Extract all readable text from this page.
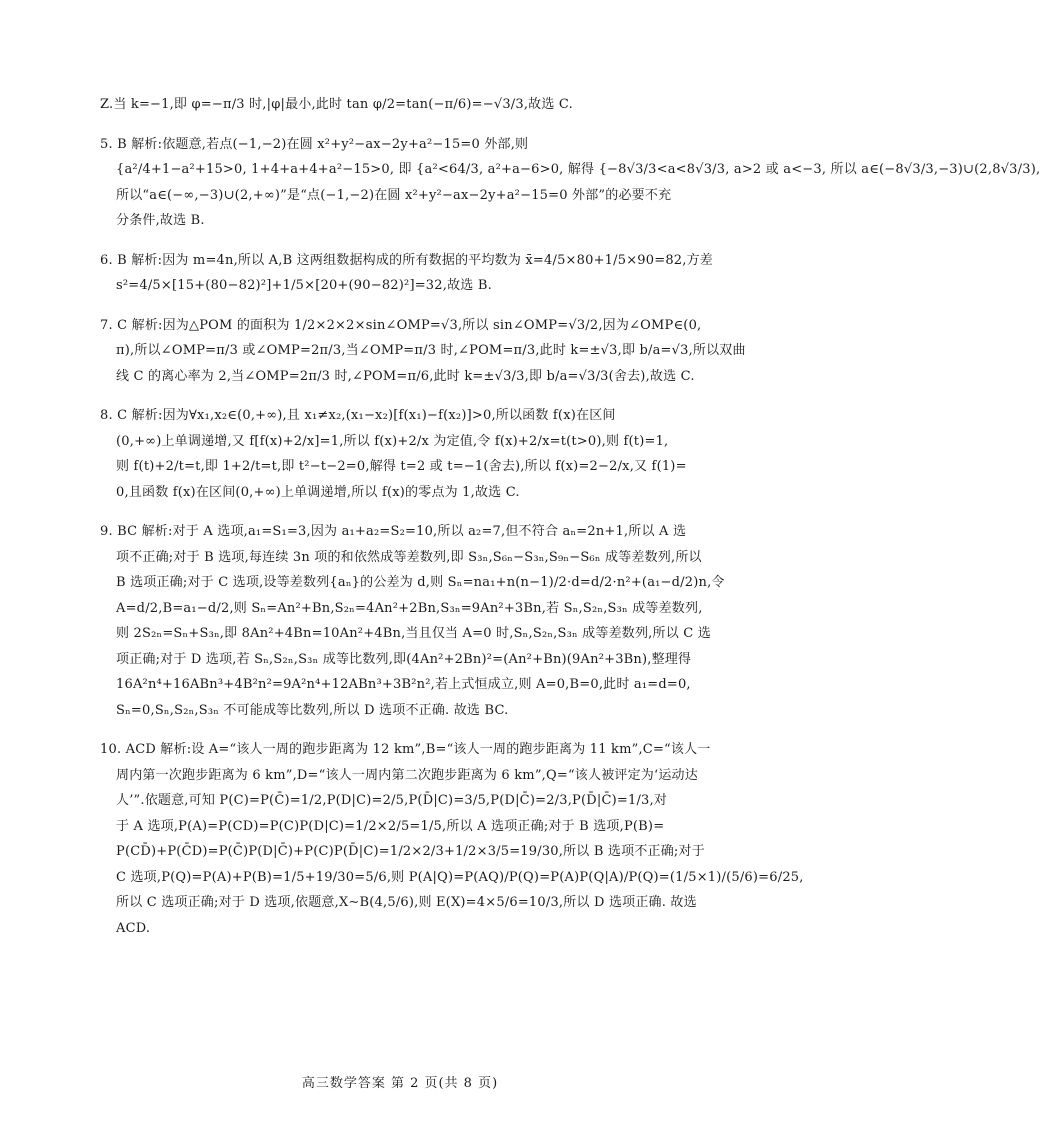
Z.当 k=−1,即 φ=−π/3 时,|φ|最小,此时 tan φ/2=tan(−π/6)=−√3/3,故选 C.
5. B 解析:依题意,若点(−1,−2)在圆 x²+y²−ax−2y+a²−15=0 外部,则
{a²/4+1−a²+15>0, 1+4+a+4+a²−15>0, 即 {a²<64/3, a²+a−6>0, 解得 {−8√3/3<a<8√3/3, a>2 或 a<−3, 所以 a∈(−8√3/3,−3)∪(2,8√3/3),
所以“a∈(−∞,−3)∪(2,+∞)”是“点(−1,−2)在圆 x²+y²−ax−2y+a²−15=0 外部”的必要不充
分条件,故选 B.
6. B 解析:因为 m=4n,所以 A,B 这两组数据构成的所有数据的平均数为 x̄=4/5×80+1/5×90=82,方差
s²=4/5×[15+(80−82)²]+1/5×[20+(90−82)²]=32,故选 B.
7. C 解析:因为△POM 的面积为 1/2×2×2×sin∠OMP=√3,所以 sin∠OMP=√3/2,因为∠OMP∈(0,
π),所以∠OMP=π/3 或∠OMP=2π/3,当∠OMP=π/3 时,∠POM=π/3,此时 k=±√3,即 b/a=√3,所以双曲
线 C 的离心率为 2,当∠OMP=2π/3 时,∠POM=π/6,此时 k=±√3/3,即 b/a=√3/3(舍去),故选 C.
8. C 解析:因为∀x₁,x₂∈(0,+∞),且 x₁≠x₂,(x₁−x₂)[f(x₁)−f(x₂)]>0,所以函数 f(x)在区间
(0,+∞)上单调递增,又 f[f(x)+2/x]=1,所以 f(x)+2/x 为定值,令 f(x)+2/x=t(t>0),则 f(t)=1,
则 f(t)+2/t=t,即 1+2/t=t,即 t²−t−2=0,解得 t=2 或 t=−1(舍去),所以 f(x)=2−2/x,又 f(1)=
0,且函数 f(x)在区间(0,+∞)上单调递增,所以 f(x)的零点为 1,故选 C.
9. BC 解析:对于 A 选项,a₁=S₁=3,因为 a₁+a₂=S₂=10,所以 a₂=7,但不符合 aₙ=2n+1,所以 A 选
项不正确;对于 B 选项,每连续 3n 项的和依然成等差数列,即 S₃ₙ,S₆ₙ−S₃ₙ,S₉ₙ−S₆ₙ 成等差数列,所以
B 选项正确;对于 C 选项,设等差数列{aₙ}的公差为 d,则 Sₙ=na₁+n(n−1)/2·d=d/2·n²+(a₁−d/2)n,令
A=d/2,B=a₁−d/2,则 Sₙ=An²+Bn,S₂ₙ=4An²+2Bn,S₃ₙ=9An²+3Bn,若 Sₙ,S₂ₙ,S₃ₙ 成等差数列,
则 2S₂ₙ=Sₙ+S₃ₙ,即 8An²+4Bn=10An²+4Bn,当且仅当 A=0 时,Sₙ,S₂ₙ,S₃ₙ 成等差数列,所以 C 选
项正确;对于 D 选项,若 Sₙ,S₂ₙ,S₃ₙ 成等比数列,即(4An²+2Bn)²=(An²+Bn)(9An²+3Bn),整理得
16A²n⁴+16ABn³+4B²n²=9A²n⁴+12ABn³+3B²n²,若上式恒成立,则 A=0,B=0,此时 a₁=d=0,
Sₙ=0,Sₙ,S₂ₙ,S₃ₙ 不可能成等比数列,所以 D 选项不正确. 故选 BC.
10. ACD 解析:设 A=“该人一周的跑步距离为 12 km”,B=“该人一周的跑步距离为 11 km”,C=“该人一
周内第一次跑步距离为 6 km”,D=“该人一周内第二次跑步距离为 6 km”,Q=“该人被评定为‘运动达
人’”.依题意,可知 P(C)=P(C̄)=1/2,P(D|C)=2/5,P(D̄|C)=3/5,P(D|C̄)=2/3,P(D̄|C̄)=1/3,对
于 A 选项,P(A)=P(CD)=P(C)P(D|C)=1/2×2/5=1/5,所以 A 选项正确;对于 B 选项,P(B)=
P(CD̄)+P(C̄D)=P(C̄)P(D|C̄)+P(C)P(D̄|C)=1/2×2/3+1/2×3/5=19/30,所以 B 选项不正确;对于
C 选项,P(Q)=P(A)+P(B)=1/5+19/30=5/6,则 P(A|Q)=P(AQ)/P(Q)=P(A)P(Q|A)/P(Q)=(1/5×1)/(5/6)=6/25,
所以 C 选项正确;对于 D 选项,依题意,X∼B(4,5/6),则 E(X)=4×5/6=10/3,所以 D 选项正确. 故选
ACD.
高三数学答案 第 2 页(共 8 页)
